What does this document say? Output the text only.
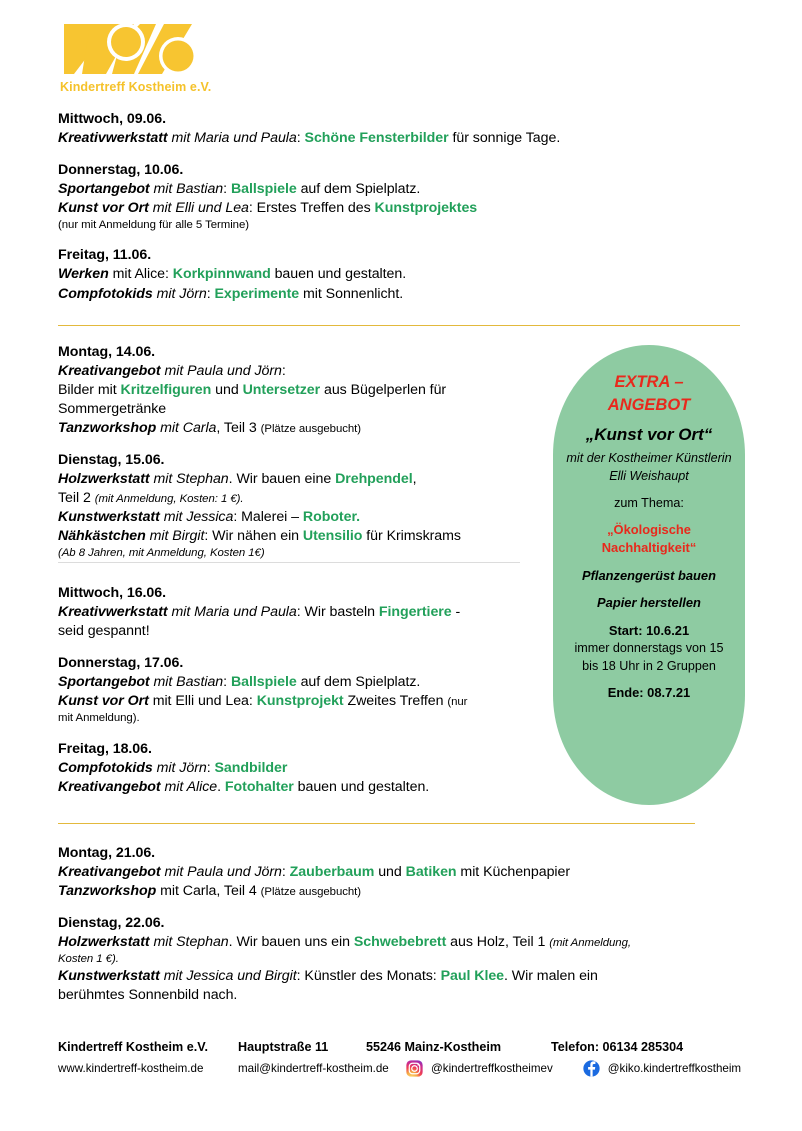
Kindertreff Kostheim e.V.
EXTRA –
ANGEBOT
„Kunst vor Ort“
mit der Kostheimer Künstlerin Elli Weishaupt
zum Thema:
„Ökologische Nachhaltigkeit“
Pflanzengerüst bauen
Papier herstellen
Start: 10.6.21
immer donnerstags von 15 bis 18 Uhr in 2 Gruppen
Ende: 08.7.21
Mittwoch, 09.06.
Kreativwerkstatt mit Maria und Paula: Schöne Fensterbilder für sonnige Tage.
Donnerstag, 10.06.
Sportangebot mit Bastian: Ballspiele auf dem Spielplatz.
Kunst vor Ort mit Elli und Lea: Erstes Treffen des Kunstprojektes
(nur mit Anmeldung für alle 5 Termine)
Freitag, 11.06.
Werken mit Alice: Korkpinnwand bauen und gestalten.
Compfotokids mit Jörn: Experimente mit Sonnenlicht.
Montag, 14.06.
Kreativangebot mit Paula und Jörn:
Bilder mit Kritzelfiguren und Untersetzer aus Bügelperlen für
Sommergetränke
Tanzworkshop mit Carla, Teil 3 (Plätze ausgebucht)
Dienstag, 15.06.
Holzwerkstatt mit Stephan. Wir bauen eine Drehpendel,
Teil 2 (mit Anmeldung, Kosten: 1 €).
Kunstwerkstatt mit Jessica: Malerei – Roboter.
Nähkästchen mit Birgit: Wir nähen ein Utensilio für Krimskrams
(Ab 8 Jahren, mit Anmeldung, Kosten 1€)
Mittwoch, 16.06.
Kreativwerkstatt mit Maria und Paula: Wir basteln Fingertiere -
seid gespannt!
Donnerstag, 17.06.
Sportangebot mit Bastian: Ballspiele auf dem Spielplatz.
Kunst vor Ort mit Elli und Lea: Kunstprojekt Zweites Treffen (nur
mit Anmeldung).
Freitag, 18.06.
Compfotokids mit Jörn: Sandbilder
Kreativangebot mit Alice. Fotohalter bauen und gestalten.
Montag, 21.06.
Kreativangebot mit Paula und Jörn: Zauberbaum und Batiken mit Küchenpapier
Tanzworkshop mit Carla, Teil 4 (Plätze ausgebucht)
Dienstag, 22.06.
Holzwerkstatt mit Stephan. Wir bauen uns ein Schwebebrett aus Holz, Teil 1 (mit Anmeldung,
Kosten 1 €).
Kunstwerkstatt mit Jessica und Birgit: Künstler des Monats: Paul Klee. Wir malen ein
berühmtes Sonnenbild nach.
Kindertreff Kostheim e.V.	Hauptstraße 11	55246 Mainz-Kostheim	Telefon: 06134 285304
www.kindertreff-kostheim.de	mail@kindertreff-kostheim.de	@kindertreffkostheimev	@kiko.kindertreffkostheim
